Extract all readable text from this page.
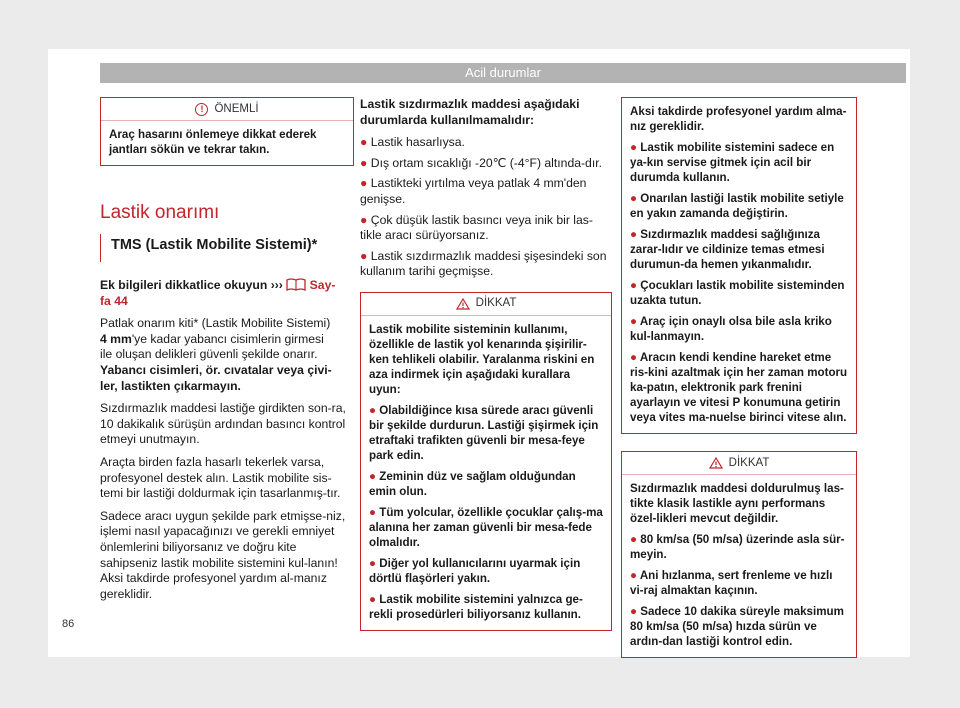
Acil durumlar
! ÖNEMLİ

Araç hasarını önlemeye dikkat ederek jantları sökün ve tekrar takın.

Lastik onarımı
TMS (Lastik Mobilite Sistemi)*

Ek bilgileri dikkatlice okuyun ››› Say-
fa 44

Patlak onarım kiti* (Lastik Mobilite Sistemi)
4 mm'ye kadar yabancı cisimlerin girmesi
ile oluşan delikleri güvenli şekilde onarır.
Yabancı cisimleri, ör. cıvatalar veya çivi-
ler, lastikten çıkarmayın.

Sızdırmazlık maddesi lastiğe girdikten son-ra, 10 dakikalık sürüşün ardından basıncı kontrol etmeyi unutmayın.

Araçta birden fazla hasarlı tekerlek varsa, profesyonel destek alın. Lastik mobilite sis-temi bir lastiği doldurmak için tasarlanmış-tır.

Sadece aracı uygun şekilde park etmişse-niz, işlemi nasıl yapacağınızı ve gerekli emniyet önlemlerini biliyorsanız ve doğru kite sahipseniz lastik mobilite sistemini kul-lanın! Aksi takdirde profesyonel yardım al-manız gereklidir.

Lastik sızdırmazlık maddesi aşağıdaki durumlarda kullanılmamalıdır:

● Lastik hasarlıysa.
● Dış ortam sıcaklığı -20℃ (-4°F) altında-dır.
● Lastikteki yırtılma veya patlak 4 mm'den genişse.
● Çok düşük lastik basıncı veya inik bir las-tikle aracı sürüyorsanız.
● Lastik sızdırmazlık maddesi şişesindeki son kullanım tarihi geçmişse.
DİKKAT

Lastik mobilite sisteminin kullanımı, özellikle de lastik yol kenarında şişirilir-ken tehlikeli olabilir. Yaralanma riskini en aza indirmek için aşağıdaki kurallara uyun:

● Olabildiğince kısa sürede aracı güvenli bir şekilde durdurun. Lastiği şişirmek için etraftaki trafikten güvenli bir mesa-feye park edin.

● Zeminin düz ve sağlam olduğundan emin olun.

● Tüm yolcular, özellikle çocuklar çalış-ma alanına her zaman güvenli bir mesa-fede olmalıdır.

● Diğer yol kullanıcılarını uyarmak için dörtlü flaşörleri yakın.

● Lastik mobilite sistemini yalnızca ge-rekli prosedürleri biliyorsanız kullanın.

Aksi takdirde profesyonel yardım alma-nız gereklidir.

● Lastik mobilite sistemini sadece en ya-kın servise gitmek için acil bir durumda kullanın.

● Onarılan lastiği lastik mobilite setiyle en yakın zamanda değiştirin.

● Sızdırmazlık maddesi sağlığınıza zarar-lıdır ve cildinize temas etmesi durumun-da hemen yıkanmalıdır.

● Çocukları lastik mobilite sisteminden uzakta tutun.

● Araç için onaylı olsa bile asla kriko kul-lanmayın.

● Aracın kendi kendine hareket etme ris-kini azaltmak için her zaman motoru ka-patın, elektronik park frenini ayarlayın ve vitesi P konumuna getirin veya vites ma-nuelse birinci vitese alın.

DİKKAT

Sızdırmazlık maddesi doldurulmuş las-tikte klasik lastikle aynı performans özel-likleri mevcut değildir.

● 80 km/sa (50 m/sa) üzerinde asla sür-meyin.

● Ani hızlanma, sert frenleme ve hızlı vi-raj almaktan kaçının.

● Sadece 10 dakika süreyle maksimum 80 km/sa (50 m/sa) hızda sürün ve ardın-dan lastiği kontrol edin.

86
